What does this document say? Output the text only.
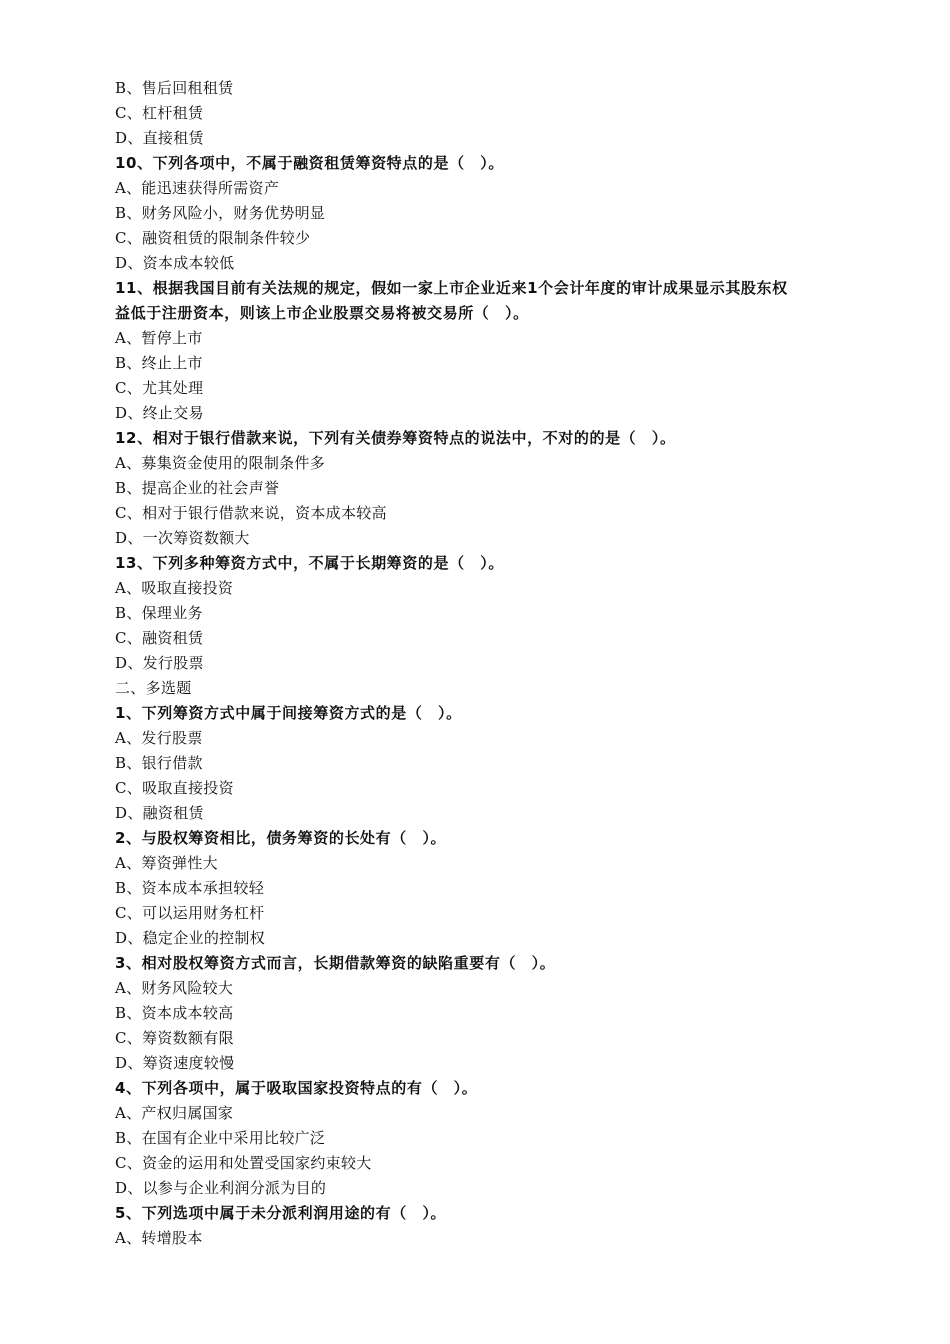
B、售后回租租赁
C、杠杆租赁
D、直接租赁
10、下列各项中，不属于融资租赁筹资特点的是（　）。
A、能迅速获得所需资产
B、财务风险小，财务优势明显
C、融资租赁的限制条件较少
D、资本成本较低
11、根据我国目前有关法规的规定，假如一家上市企业近来1个会计年度的审计成果显示其股东权
益低于注册资本，则该上市企业股票交易将被交易所（　）。
A、暂停上市
B、终止上市
C、尤其处理
D、终止交易
12、相对于银行借款来说，下列有关债券筹资特点的说法中，不对的的是（　）。
A、募集资金使用的限制条件多
B、提高企业的社会声誉
C、相对于银行借款来说，资本成本较高
D、一次筹资数额大
13、下列多种筹资方式中，不属于长期筹资的是（　）。
A、吸取直接投资
B、保理业务
C、融资租赁
D、发行股票
二、多选题
1、下列筹资方式中属于间接筹资方式的是（　）。
A、发行股票
B、银行借款
C、吸取直接投资
D、融资租赁
2、与股权筹资相比，债务筹资的长处有（　）。
A、筹资弹性大
B、资本成本承担较轻
C、可以运用财务杠杆
D、稳定企业的控制权
3、相对股权筹资方式而言，长期借款筹资的缺陷重要有（　）。
A、财务风险较大
B、资本成本较高
C、筹资数额有限
D、筹资速度较慢
4、下列各项中，属于吸取国家投资特点的有（　）。
A、产权归属国家
B、在国有企业中采用比较广泛
C、资金的运用和处置受国家约束较大
D、以参与企业利润分派为目的
5、下列选项中属于未分派利润用途的有（　）。
A、转增股本
